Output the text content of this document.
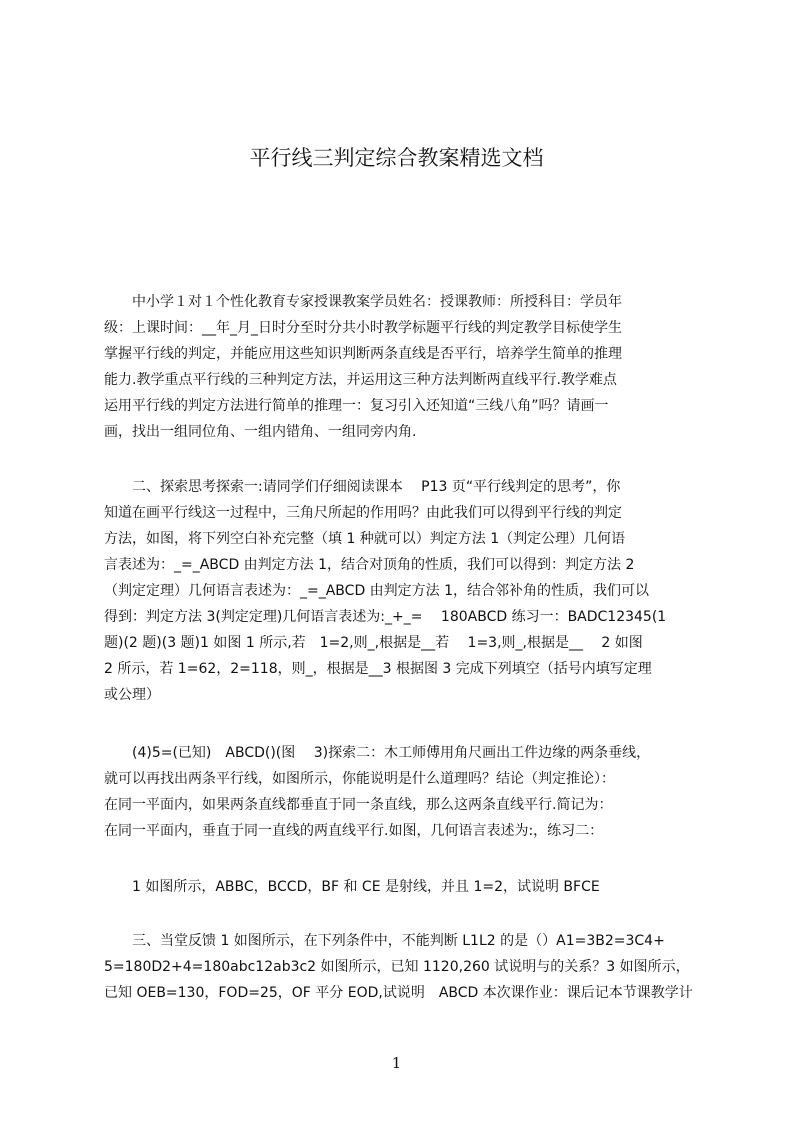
平行线三判定综合教案精选文档
　　中小学１对１个性化教育专家授课教案学员姓名：授课教师：所授科目：学员年
级：上课时间：__年_月_日时分至时分共小时教学标题平行线的判定教学目标使学生
掌握平行线的判定，并能应用这些知识判断两条直线是否平行，培养学生简单的推理
能力.教学重点平行线的三种判定方法，并运用这三种方法判断两直线平行.教学难点
运用平行线的判定方法进行简单的推理一：复习引入还知道“三线八角”吗？请画一
画，找出一组同位角、一组内错角、一组同旁内角.
　　二、探索思考探索一:请同学们仔细阅读课本　 P13 页“平行线判定的思考”，你
知道在画平行线这一过程中，三角尺所起的作用吗？由此我们可以得到平行线的判定
方法，如图，将下列空白补充完整（填 1 种就可以）判定方法 1（判定公理）几何语
言表述为：_=_ABCD 由判定方法 1，结合对顶角的性质，我们可以得到：判定方法 2
（判定定理）几何语言表述为：_=_ABCD 由判定方法 1，结合邻补角的性质，我们可以
得到：判定方法 3(判定定理)几何语言表述为:_+_=　 180ABCD 练习一：BADC12345(1
题)(2 题)(3 题)1 如图 1 所示,若　1=2,则_,根据是__若　 1=3,则_,根据是__　 2 如图
2 所示，若 1=62，2=118，则_，根据是__3 根据图 3 完成下列填空（括号内填写定理
或公理）
　　(4)5=(已知)　ABCD()(图　 3)探索二：木工师傅用角尺画出工件边缘的两条垂线，
就可以再找出两条平行线，如图所示，你能说明是什么道理吗？结论（判定推论）：
在同一平面内，如果两条直线都垂直于同一条直线，那么这两条直线平行.简记为：
在同一平面内，垂直于同一直线的两直线平行.如图，几何语言表述为:，练习二：
　　1 如图所示，ABBC，BCCD，BF 和 CE 是射线，并且 1=2，试说明 BFCE
　　三、当堂反馈 1 如图所示，在下列条件中，不能判断 L1L2 的是（）A1=3B2=3C4+
5=180D2+4=180abc12ab3c2 如图所示，已知 1120,260 试说明与的关系？3 如图所示，
已知 OEB=130，FOD=25，OF 平分 EOD,试说明　ABCD 本次课作业：课后记本节课教学计
1
